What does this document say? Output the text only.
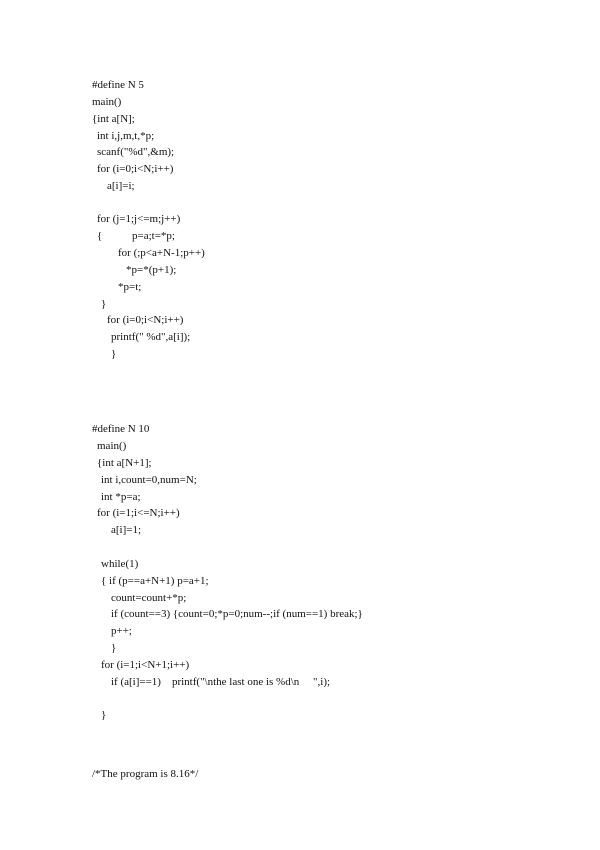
#define N 5
main()
{int a[N];
int i,j,m,t,*p;
scanf("%d",&m);
for (i=0;i<N;i++)
a[i]=i;
for (j=1;j<=m;j++)
{	p=a;t=*p;
for (;p<a+N-1;p++)
*p=*(p+1);
*p=t;
}
for (i=0;i<N;i++)
printf(" %d",a[i]);
}
#define N 10
main()
{int a[N+1];
int i,count=0,num=N;
int *p=a;
for (i=1;i<=N;i++)
a[i]=1;
while(1)
{ if (p==a+N+1) p=a+1;
count=count+*p;
if (count==3) {count=0;*p=0;num--;if (num==1) break;}
p++;
}
for (i=1;i<N+1;i++)
if (a[i]==1)    printf("\nthe last one is %d\n     ",i);
}
/*The program is 8.16*/
